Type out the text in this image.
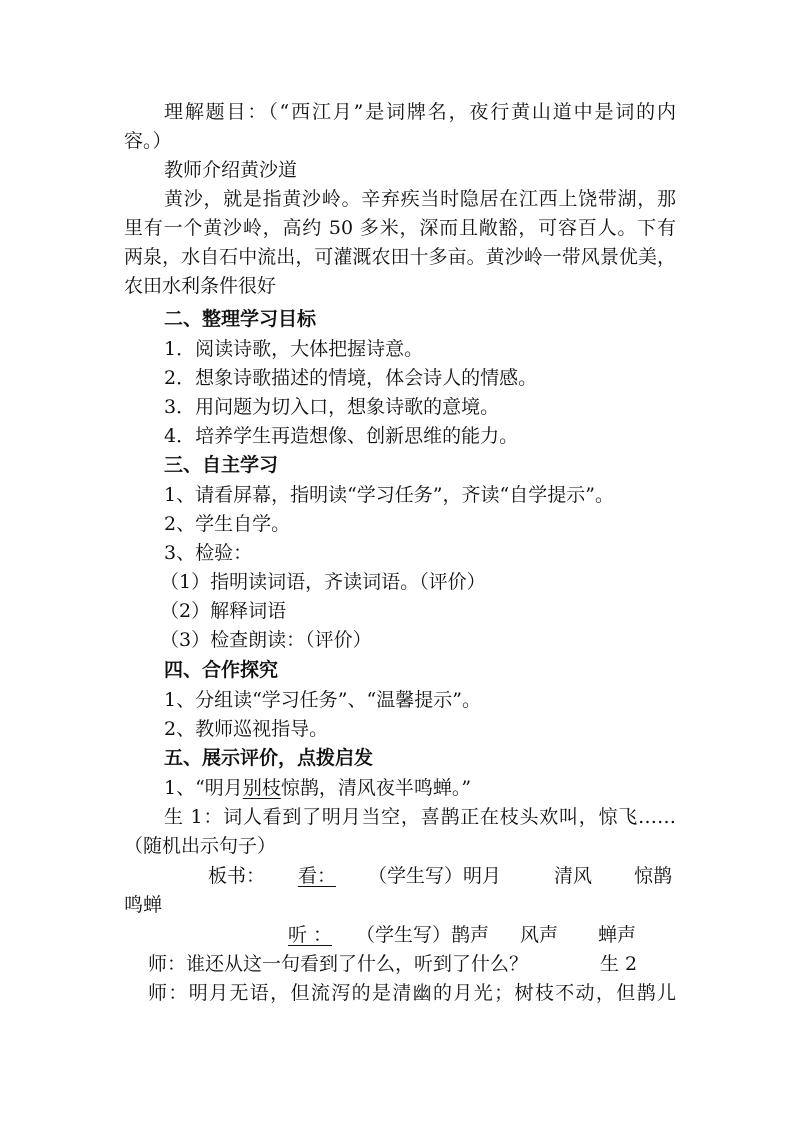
理解题目：（“西江月”是词牌名，夜行黄山道中是词的内
容。）
教师介绍黄沙道
黄沙，就是指黄沙岭。辛弃疾当时隐居在江西上饶带湖，那
里有一个黄沙岭，高约 50 多米，深而且敞豁，可容百人。下有
两泉，水自石中流出，可灌溉农田十多亩。黄沙岭一带风景优美，
农田水利条件很好
二、整理学习目标
1．阅读诗歌，大体把握诗意。
2．想象诗歌描述的情境，体会诗人的情感。
3．用问题为切入口，想象诗歌的意境。
4．培养学生再造想像、创新思维的能力。
三、自主学习
1、请看屏幕，指明读“学习任务”，齐读“自学提示”。
2、学生自学。
3、检验：
（1）指明读词语，齐读词语。（评价）
（2）解释词语
（3）检查朗读：（评价）
四、合作探究
1、分组读“学习任务”、“温馨提示”。
2、教师巡视指导。
五、展示评价，点拨启发
1、“明月别枝惊鹊，清风夜半鸣蝉。”
生 1：词人看到了明月当空，喜鹊正在枝头欢叫，惊飞……
（随机出示句子）
板书： 看： （学生写）明月	清风 惊鹊
鸣蝉
听 ： （学生写）鹊声 风声 蝉声
师：谁还从这一句看到了什么，听到了什么？	生 2
师：明月无语，但流泻的是清幽的月光；树枝不动，但鹊儿
